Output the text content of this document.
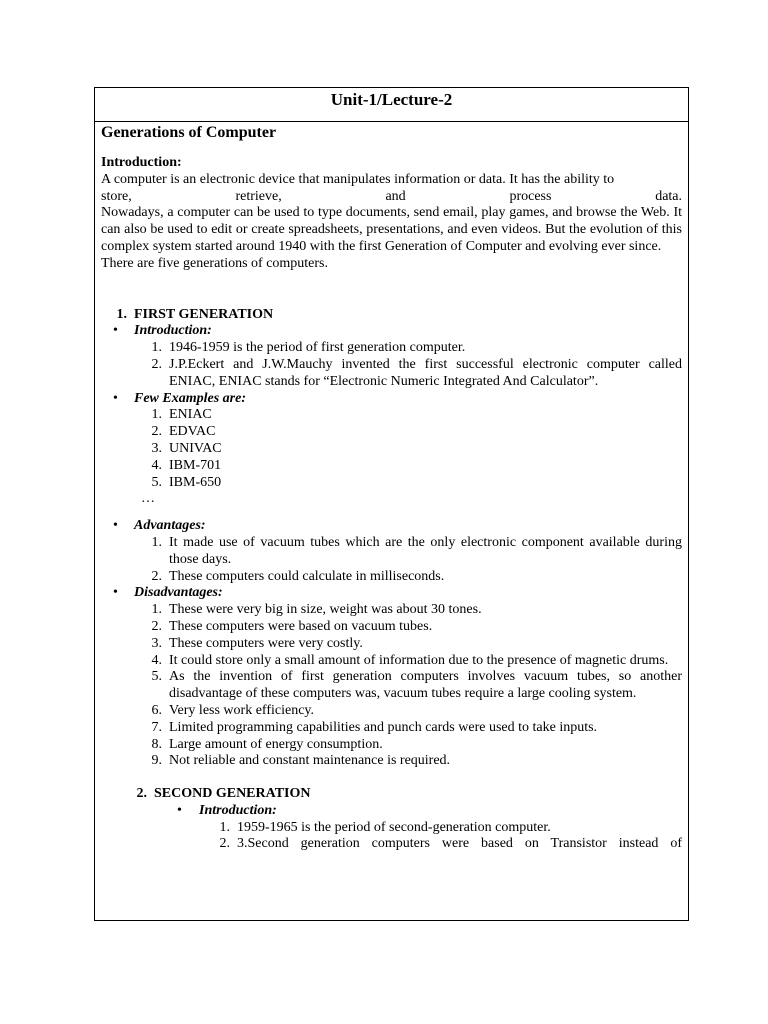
Unit-1/Lecture-2
Generations of Computer
Introduction:

A computer is an electronic device that manipulates information or data. It has the ability to

store,	retrieve,	and	process	data.

Nowadays, a computer can be used to type documents, send email, play games, and browse the Web. It can also be used to edit or create spreadsheets, presentations, and even videos. But the evolution of this complex system started around 1940 with the first Generation of Computer and evolving ever since.

There are five generations of computers.

1. FIRST GENERATION
•	Introduction:
1. 1946-1959 is the period of first generation computer.
2. J.P.Eckert and J.W.Mauchy invented the first successful electronic computer called ENIAC, ENIAC stands for “Electronic Numeric Integrated And Calculator”.
•	Few Examples are:
1. ENIAC
2. EDVAC
3. UNIVAC
4. IBM-701
5. IBM-650
…
•	Advantages:
1. It made use of vacuum tubes which are the only electronic component available during those days.
2. These computers could calculate in milliseconds.
•	Disadvantages:
1. These were very big in size, weight was about 30 tones.
2. These computers were based on vacuum tubes.
3. These computers were very costly.
4. It could store only a small amount of information due to the presence of magnetic drums.
5. As the invention of first generation computers involves vacuum tubes, so another disadvantage of these computers was, vacuum tubes require a large cooling system.
6. Very less work efficiency.
7. Limited programming capabilities and punch cards were used to take inputs.
8. Large amount of energy consumption.
9. Not reliable and constant maintenance is required.
2. SECOND GENERATION
•	Introduction:
1. 1959-1965 is the period of second-generation computer.
2. 3.Second generation computers were based on Transistor instead of
